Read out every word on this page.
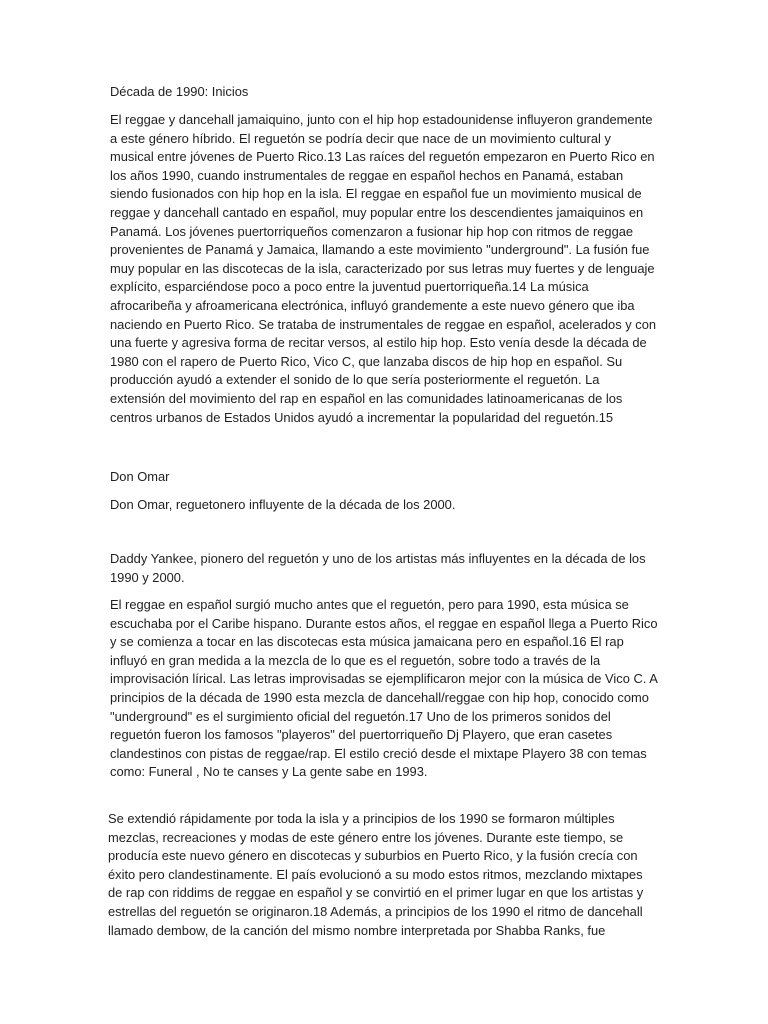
Década de 1990: Inicios

El reggae y dancehall jamaiquino, junto con el hip hop estadounidense influyeron grandemente a este género híbrido. El reguetón se podría decir que nace de un movimiento cultural y musical entre jóvenes de Puerto Rico.13 Las raíces del reguetón empezaron en Puerto Rico en los años 1990, cuando instrumentales de reggae en español hechos en Panamá, estaban siendo fusionados con hip hop en la isla. El reggae en español fue un movimiento musical de reggae y dancehall cantado en español, muy popular entre los descendientes jamaiquinos en Panamá. Los jóvenes puertorriqueños comenzaron a fusionar hip hop con ritmos de reggae provenientes de Panamá y Jamaica, llamando a este movimiento "underground". La fusión fue muy popular en las discotecas de la isla, caracterizado por sus letras muy fuertes y de lenguaje explícito, esparciéndose poco a poco entre la juventud puertorriqueña.14 La música afrocaribeña y afroamericana electrónica, influyó grandemente a este nuevo género que iba naciendo en Puerto Rico. Se trataba de instrumentales de reggae en español, acelerados y con una fuerte y agresiva forma de recitar versos, al estilo hip hop. Esto venía desde la década de 1980 con el rapero de Puerto Rico, Vico C, que lanzaba discos de hip hop en español. Su producción ayudó a extender el sonido de lo que sería posteriormente el reguetón. La extensión del movimiento del rap en español en las comunidades latinoamericanas de los centros urbanos de Estados Unidos ayudó a incrementar la popularidad del reguetón.15

Don Omar

Don Omar, reguetonero influyente de la década de los 2000.

Daddy Yankee, pionero del reguetón y uno de los artistas más influyentes en la década de los 1990 y 2000.

El reggae en español surgió mucho antes que el reguetón, pero para 1990, esta música se escuchaba por el Caribe hispano. Durante estos años, el reggae en español llega a Puerto Rico y se comienza a tocar en las discotecas esta música jamaicana pero en español.16 El rap influyó en gran medida a la mezcla de lo que es el reguetón, sobre todo a través de la improvisación lírical. Las letras improvisadas se ejemplificaron mejor con la música de Vico C. A principios de la década de 1990 esta mezcla de dancehall/reggae con hip hop, conocido como "underground" es el surgimiento oficial del reguetón.17 Uno de los primeros sonidos del reguetón fueron los famosos "playeros" del puertorriqueño Dj Playero, que eran casetes clandestinos con pistas de reggae/rap. El estilo creció desde el mixtape Playero 38 con temas como: Funeral , No te canses y La gente sabe en 1993.

Se extendió rápidamente por toda la isla y a principios de los 1990 se formaron múltiples mezclas, recreaciones y modas de este género entre los jóvenes. Durante este tiempo, se producía este nuevo género en discotecas y suburbios en Puerto Rico, y la fusión crecía con éxito pero clandestinamente. El país evolucionó a su modo estos ritmos, mezclando mixtapes de rap con riddims de reggae en español y se convirtió en el primer lugar en que los artistas y estrellas del reguetón se originaron.18 Además, a principios de los 1990 el ritmo de dancehall llamado dembow, de la canción del mismo nombre interpretada por Shabba Ranks, fue
